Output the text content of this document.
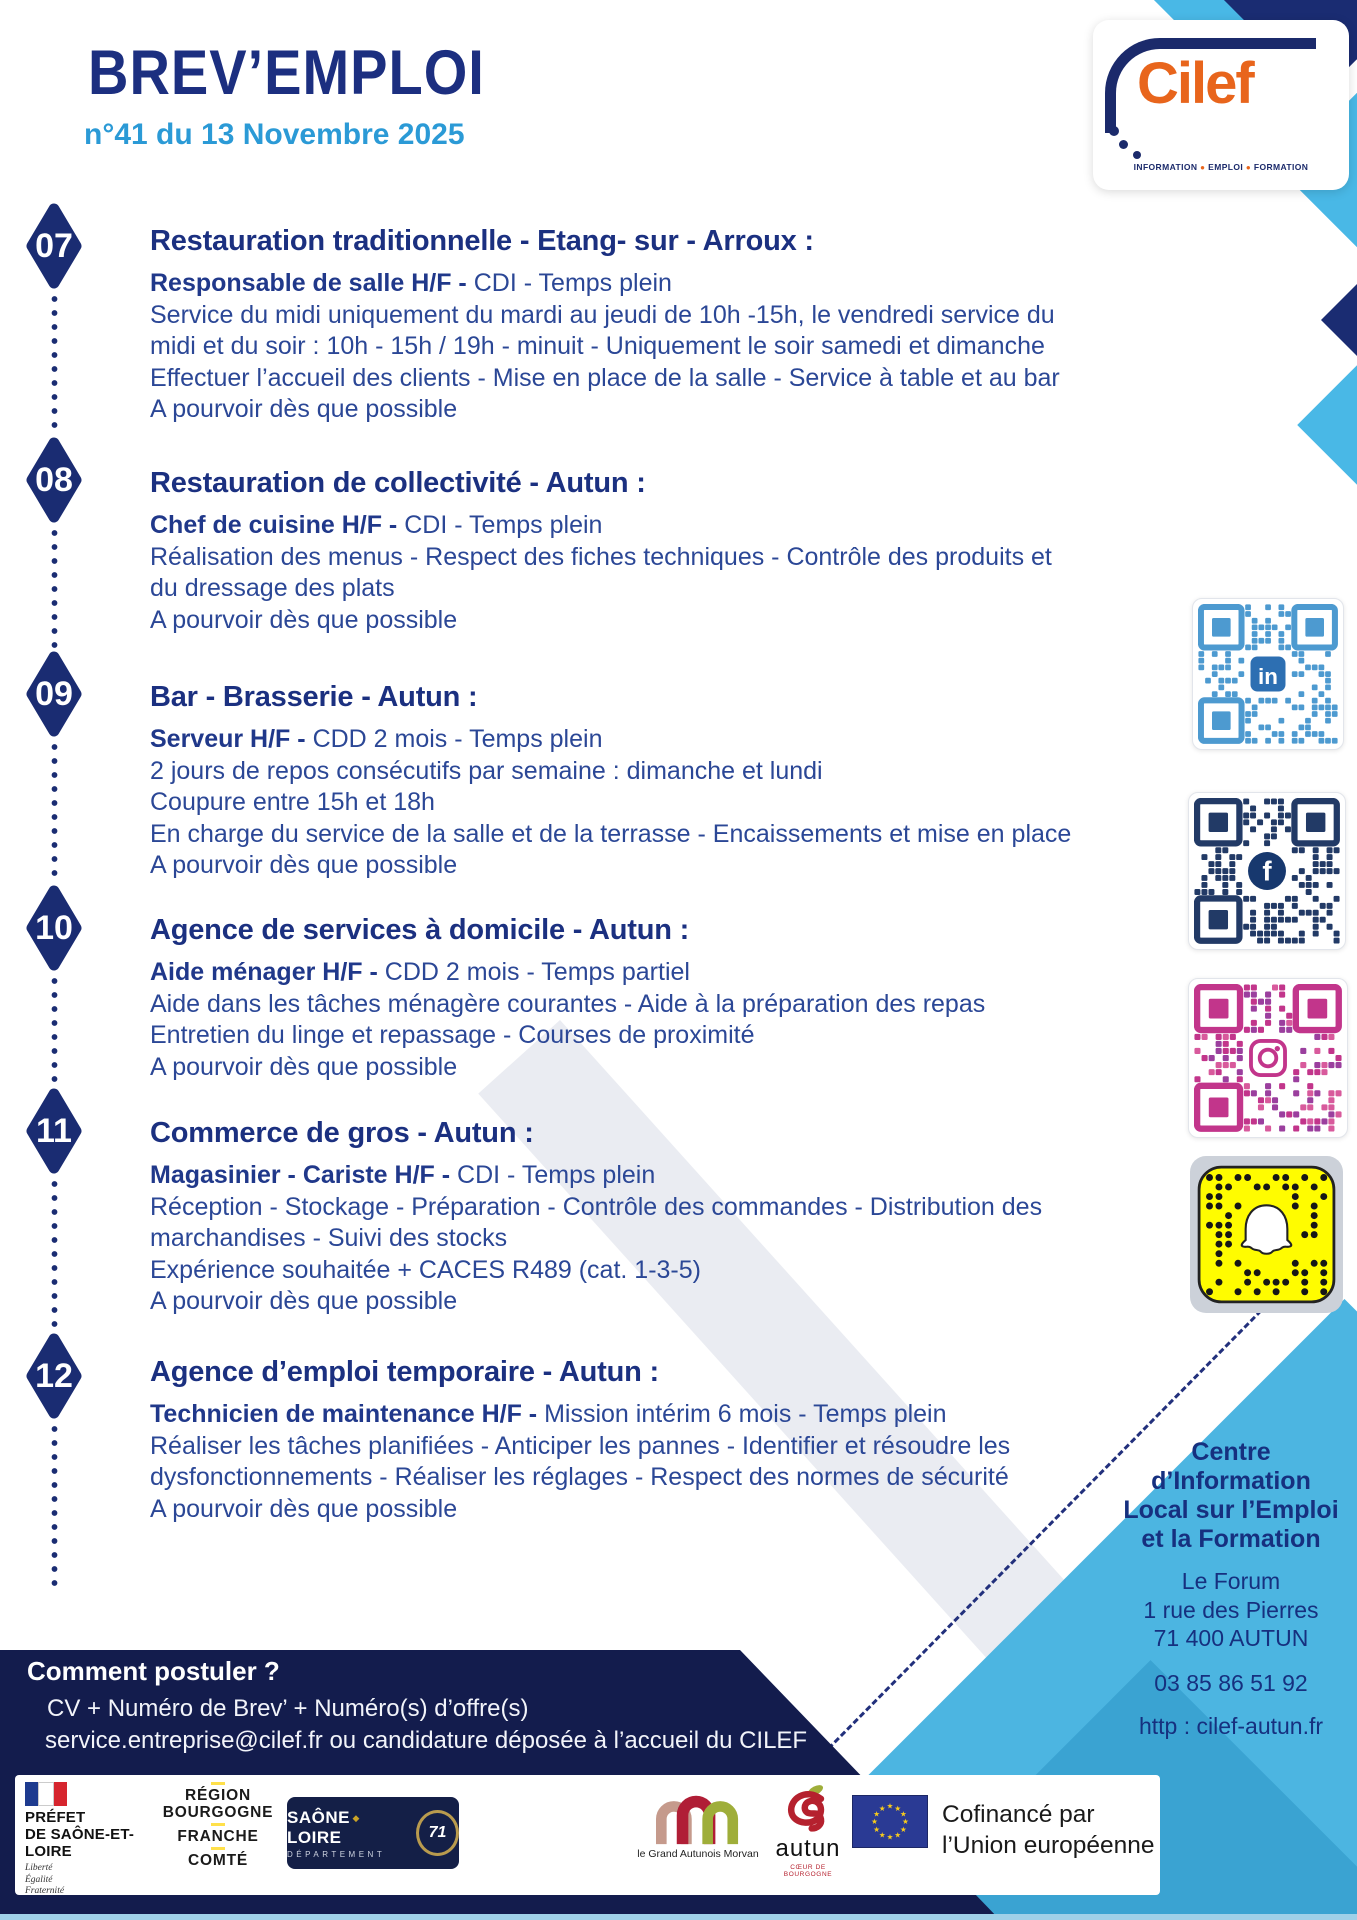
BREV’EMPLOI
n°41 du 13 Novembre 2025
Cilef
INFORMATION ● EMPLOI ● FORMATION
07
08
09
10
11
12
Restauration traditionnelle - Etang- sur - Arroux :

Responsable de salle H/F - CDI - Temps plein

Service du midi uniquement du mardi au jeudi de 10h -15h, le vendredi service du
midi et du soir : 10h - 15h / 19h - minuit - Uniquement le soir samedi et dimanche
Effectuer l’accueil des clients - Mise en place de la salle - Service à table et au bar
A pourvoir dès que possible
Restauration de collectivité - Autun :

Chef de cuisine H/F - CDI - Temps plein

Réalisation des menus - Respect des fiches techniques - Contrôle des produits et
du dressage des plats
A pourvoir dès que possible
Bar - Brasserie - Autun :

Serveur H/F - CDD 2 mois - Temps plein

2 jours de repos consécutifs par semaine : dimanche et lundi
Coupure entre 15h et 18h
En charge du service de la salle et de la terrasse - Encaissements et mise en place
A pourvoir dès que possible
Agence de services à domicile - Autun :

Aide ménager H/F - CDD 2 mois - Temps partiel

Aide dans les tâches ménagère courantes - Aide à la préparation des repas
Entretien du linge et repassage - Courses de proximité
A pourvoir dès que possible
Commerce de gros - Autun :

Magasinier - Cariste H/F - CDI - Temps plein

Réception - Stockage - Préparation - Contrôle des commandes - Distribution des
marchandises - Suivi des stocks
Expérience souhaitée + CACES R489 (cat. 1-3-5)
A pourvoir dès que possible
Agence d’emploi temporaire - Autun :

Technicien de maintenance H/F - Mission intérim 6 mois - Temps plein

Réaliser les tâches planifiées - Anticiper les pannes - Identifier et résoudre les
dysfonctionnements - Réaliser les réglages - Respect des normes de sécurité
A pourvoir dès que possible
in
f
Centre
d’Information
Local sur l’Emploi
et la Formation
Le Forum
1 rue des Pierres
71 400 AUTUN
03 85 86 51 92
http : cilef-autun.fr
Comment postuler ?
CV + Numéro de Brev’ + Numéro(s) d’offre(s)
service.entreprise@cilef.fr ou candidature déposée à l’accueil du CILEF
PRÉFET
DE SAÔNE-ET-LOIRE
Liberté
Égalité
Fraternité
RÉGION
BOURGOGNE
FRANCHE
COMTÉ
SAÔNE ◆ LOIRE
DÉPARTEMENT
71
le Grand Autunois Morvan autun
CŒUR DE BOURGOGNE
★ ★
★
★
★
★
★
★
★
★
★
★ Cofinancé par
l’Union européenne
